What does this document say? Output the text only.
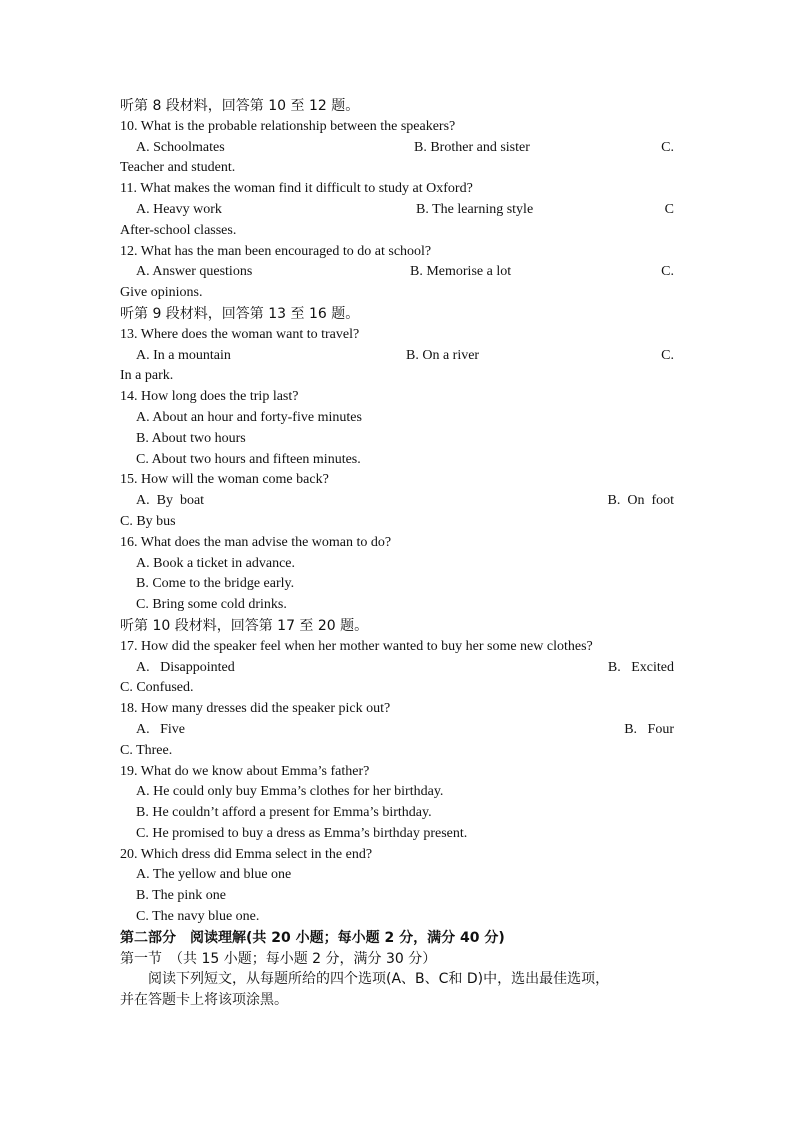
听第 8 段材料，回答第 10 至 12 题。
10. What is the probable relationship between the speakers?
A. Schoolmates	B. Brother and sister	C.
Teacher and student.
11. What makes the woman find it difficult to study at Oxford?
A. Heavy work	B. The learning style	C
After-school classes.
12. What has the man been encouraged to do at school?
A. Answer questions	B. Memorise a lot	C.
Give opinions.
听第 9 段材料，回答第 13 至 16 题。
13. Where does the woman want to travel?
A. In a mountain	B. On a river	C.
In a park.
14. How long does the trip last?
A. About an hour and forty-five minutes
B. About two hours
C. About two hours and fifteen minutes.
15. How will the woman come back?
A.  By  boat	B.  On  foot
C. By bus
16. What does the man advise the woman to do?
A. Book a ticket in advance.
B. Come to the bridge early.
C. Bring some cold drinks.
听第 10 段材料，回答第 17 至 20 题。
17. How did the speaker feel when her mother wanted to buy her some new clothes?
A.   Disappointed	B.   Excited
C. Confused.
18. How many dresses did the speaker pick out?
A.   Five	B.   Four
C. Three.
19. What do we know about Emma’s father?
A. He could only buy Emma’s clothes for her birthday.
B. He couldn’t afford a present for Emma’s birthday.
C. He promised to buy a dress as Emma’s birthday present.
20. Which dress did Emma select in the end?
A. The yellow and blue one
B. The pink one
C. The navy blue one.
第二部分　阅读理解(共 20 小题；每小题 2 分，满分 40 分)
第一节　（共 15 小题；每小题 2 分，满分 30 分）
阅读下列短文，从每题所给的四个选项(A、B、C和 D)中，选出最佳选项，
并在答题卡上将该项涂黑。
